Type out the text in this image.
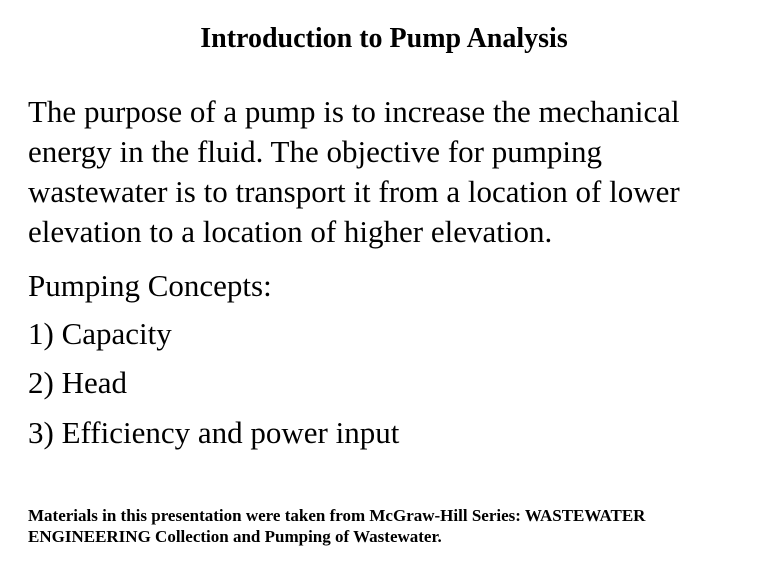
Introduction to Pump Analysis
The purpose of a pump is to increase the mechanical
energy in the fluid. The objective for pumping
wastewater is to transport it from a location of lower
elevation to a location of higher elevation.
Pumping Concepts:
1) Capacity
2) Head
3) Efficiency and power input
Materials in this presentation were taken from McGraw-Hill Series: WASTEWATER
ENGINEERING Collection and Pumping of Wastewater.
